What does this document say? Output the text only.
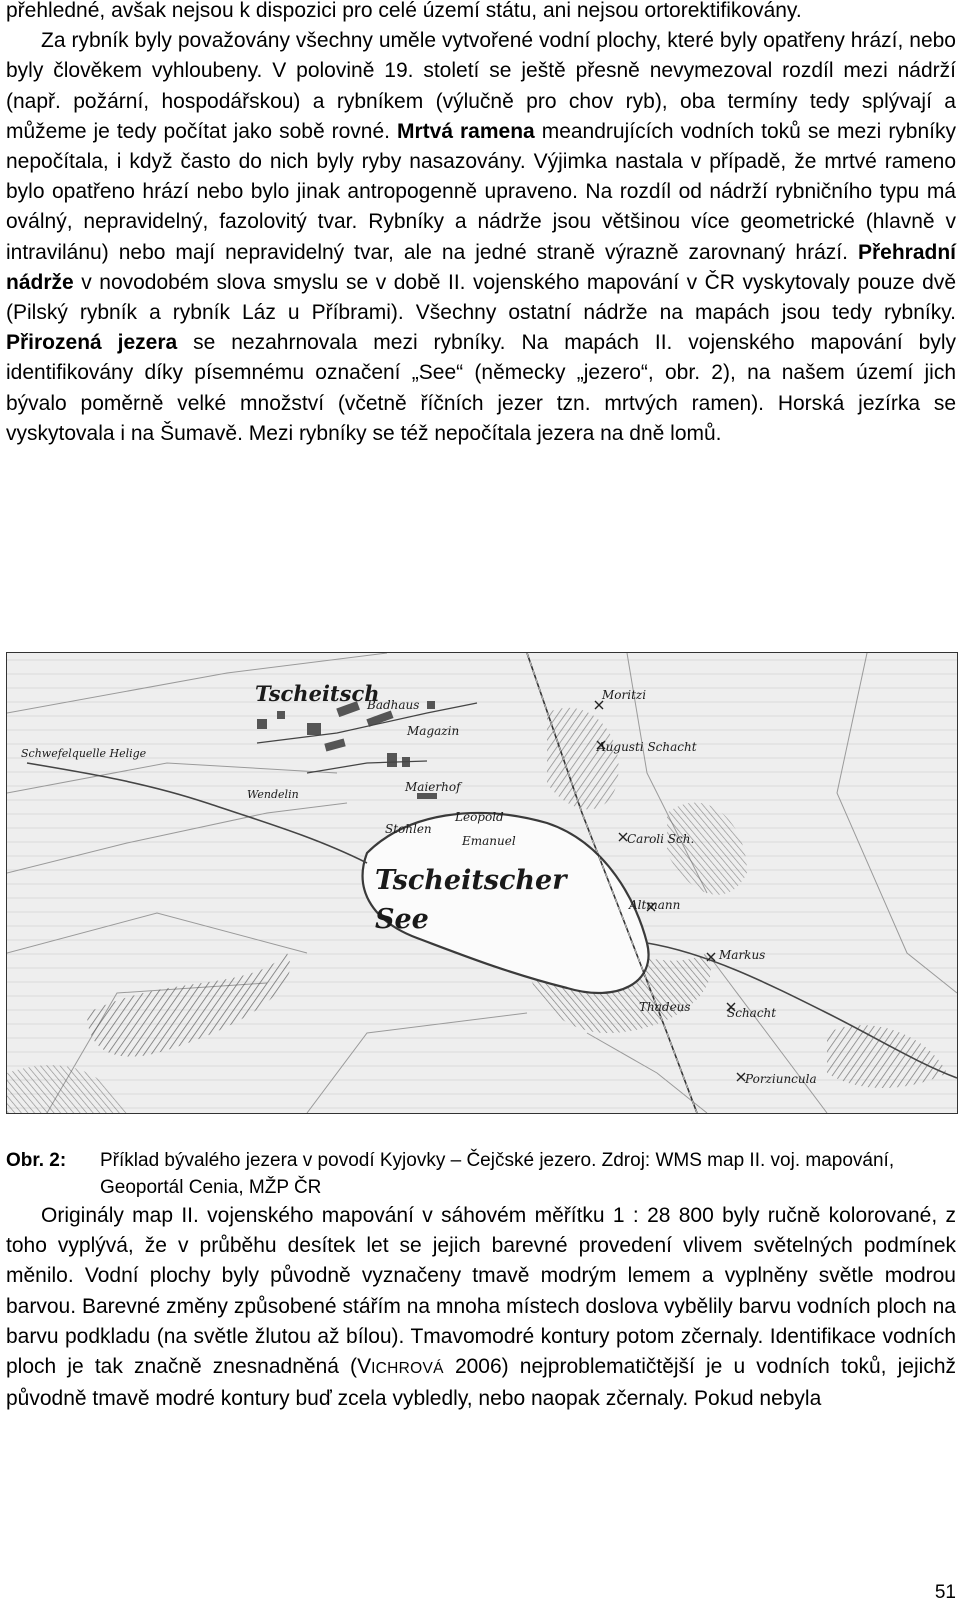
přehledné, avšak nejsou k dispozici pro celé území státu, ani nejsou ortorektifikovány.
Za rybník byly považovány všechny uměle vytvořené vodní plochy, které byly opatřeny hrází, nebo byly člověkem vyhloubeny. V polovině 19. století se ještě přesně nevymezoval rozdíl mezi nádrží (např. požární, hospodářskou) a rybníkem (výlučně pro chov ryb), oba termíny tedy splývají a můžeme je tedy počítat jako sobě rovné. Mrtvá ramena meandrujících vodních toků se mezi rybníky nepočítala, i když často do nich byly ryby nasazovány. Výjimka nastala v případě, že mrtvé rameno bylo opatřeno hrází nebo bylo jinak antropogenně upraveno. Na rozdíl od nádrží rybničního typu má oválný, nepravidelný, fazolovitý tvar. Rybníky a nádrže jsou většinou více geometrické (hlavně v intravilánu) nebo mají nepravidelný tvar, ale na jedné straně výrazně zarovnaný hrází. Přehradní nádrže v novodobém slova smyslu se v době II. vojenského mapování v ČR vyskytovaly pouze dvě (Pilský rybník a rybník Láz u Příbrami). Všechny ostatní nádrže na mapách jsou tedy rybníky. Přirozená jezera se nezahrnovala mezi rybníky. Na mapách II. vojenského mapování byly identifikovány díky písemnému označení „See“ (německy „jezero“, obr. 2), na našem území jich bývalo poměrně velké množství (včetně říčních jezer tzn. mrtvých ramen). Horská jezírka se vyskytovala i na Šumavě. Mezi rybníky se též nepočítala jezera na dně lomů.

Tscheitsch
Badhaus
Magazin
Moritzi
Augusti Schacht
Schwefelquelle Helige
Wendelin
Maierhof
Leopold
Stohlen
Emanuel	Caroli Sch.
Tscheitscher
See	Altmann
Markus
Thadeus	Schacht
Porziuncula
Obr. 2: Příklad bývalého jezera v povodí Kyjovky – Čejčské jezero. Zdroj: WMS map II. voj. mapování, Geoportál Cenia, MŽP ČR

Originály map II. vojenského mapování v sáhovém měřítku 1 : 28 800 byly ručně kolorované, z toho vyplývá, že v průběhu desítek let se jejich barevné provedení vlivem světelných podmínek měnilo. Vodní plochy byly původně vyznačeny tmavě modrým lemem a vyplněny světle modrou barvou. Barevné změny způsobené stářím na mnoha místech doslova vybělily barvu vodních ploch na barvu podkladu (na světle žlutou až bílou). Tmavomodré kontury potom zčernaly. Identifikace vodních ploch je tak značně znesnadněná (VICHROVÁ 2006) nejproblematičtější je u vodních toků, jejichž původně tmavě modré kontury buď zcela vybledly, nebo naopak zčernaly. Pokud nebyla

51
